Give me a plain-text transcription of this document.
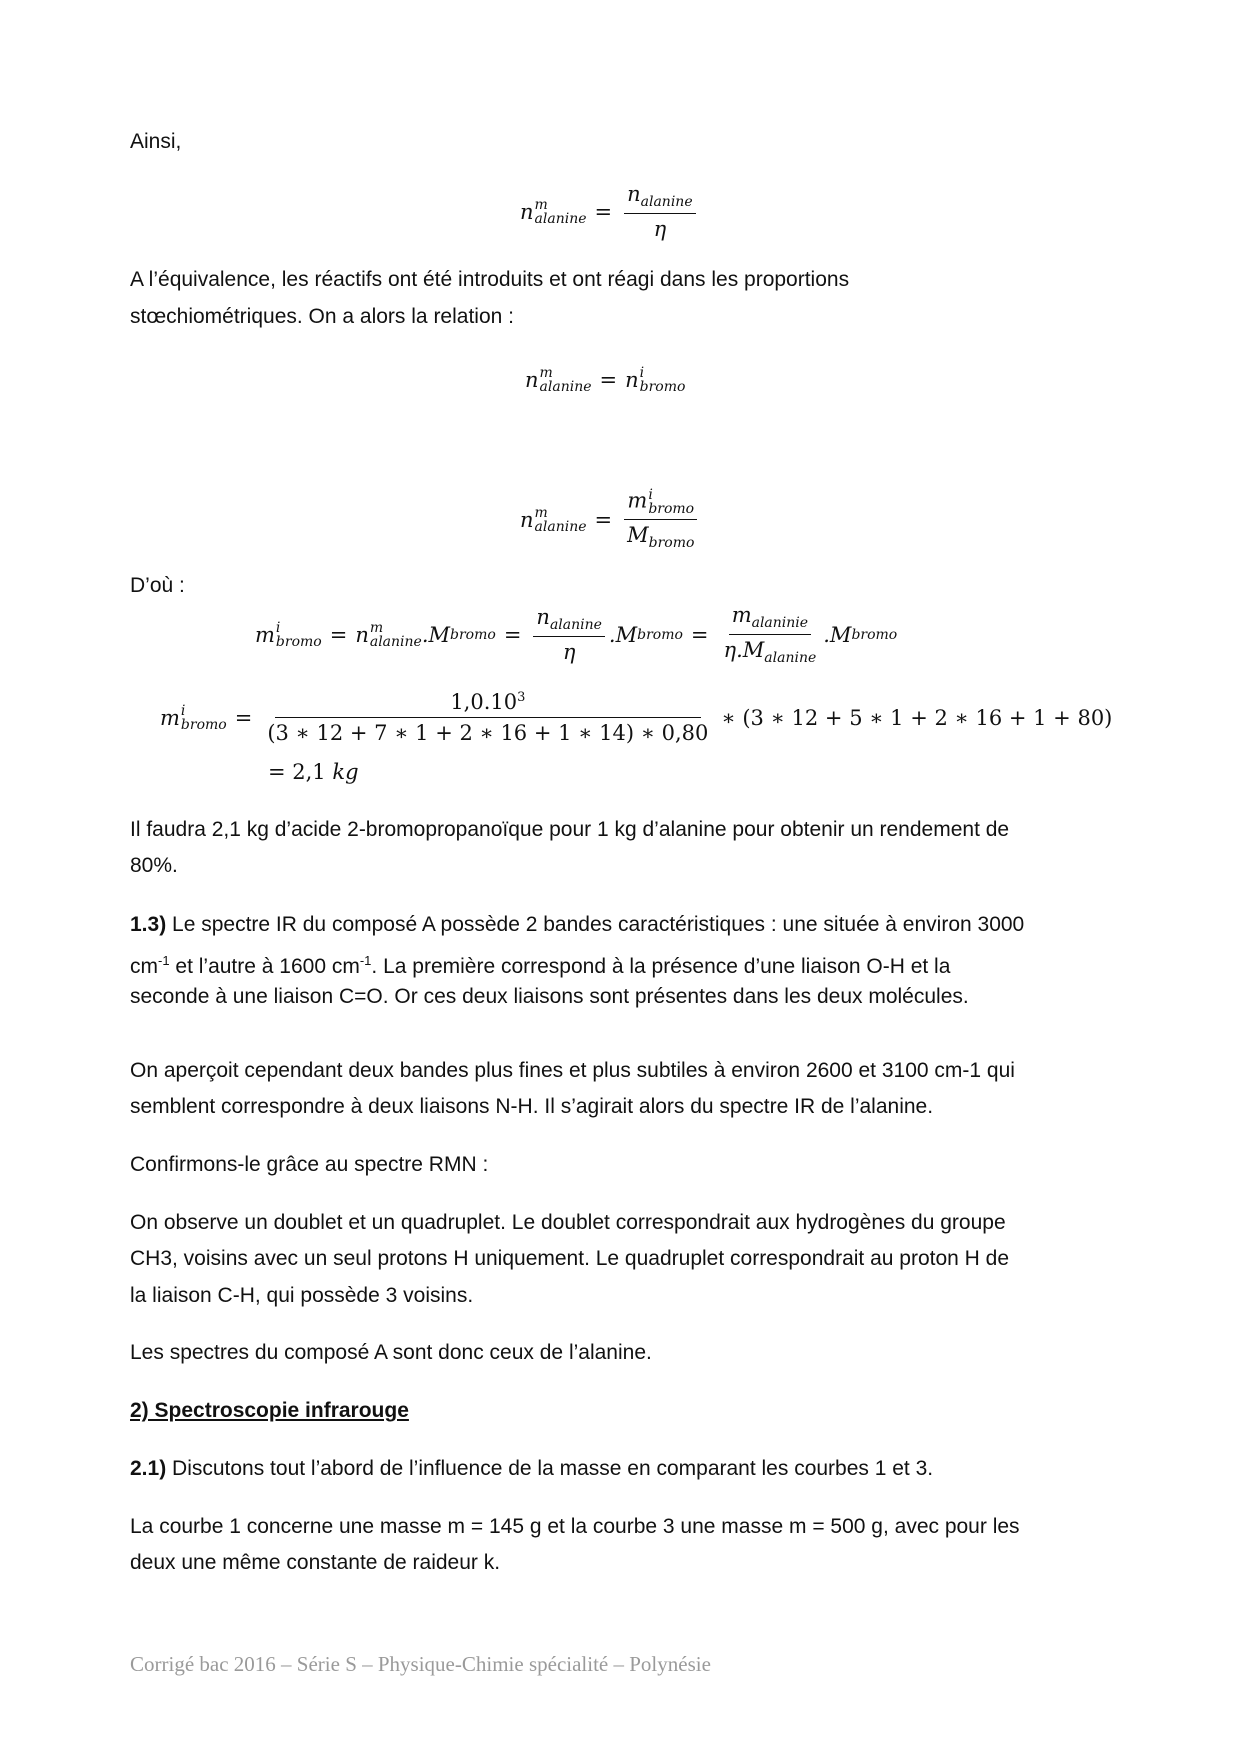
Ainsi,
n m
alanine = $\frac{n_{alanine}}{\eta}$
A l’équivalence, les réactifs ont été introduits et ont réagi dans les proportions
stœchiométriques. On a alors la relation :
n m
alanine = n i
bromo
n m
alanine = m i
bromo
$M_{bromo}$
D’où :
m i
bromo = n m
alanine .M bromo = $\frac{n_{alanine}}{\eta} .M$ bromo = $\frac{m_{alaninie}}{\eta.M_{alanine}} .M$ bromo
m i
bromo = $\frac{1,0.10^3}{(3 ∗ 12 + 7 ∗ 1 + 2 ∗ 16 + 1 ∗ 14) ∗ 0,80}$ ∗ (3 ∗ 12 + 5 ∗ 1 + 2 ∗ 16 + 1 + 80)
= 2,1 kg
Il faudra 2,1 kg d’acide 2-bromopropanoïque pour 1 kg d’alanine pour obtenir un rendement de
80%.
1.3) Le spectre IR du composé A possède 2 bandes caractéristiques : une située à environ 3000
$cm^{-1}$ et l’autre à 1600 $cm^{-1}$. La première correspond à la présence d’une liaison O-H et la
seconde à une liaison C=O. Or ces deux liaisons sont présentes dans les deux molécules.
On aperçoit cependant deux bandes plus fines et plus subtiles à environ 2600 et 3100 cm-1 qui
semblent correspondre à deux liaisons N-H. Il s’agirait alors du spectre IR de l’alanine.
Confirmons-le grâce au spectre RMN :
On observe un doublet et un quadruplet. Le doublet correspondrait aux hydrogènes du groupe
CH3, voisins avec un seul protons H uniquement. Le quadruplet correspondrait au proton H de
la liaison C-H, qui possède 3 voisins.
Les spectres du composé A sont donc ceux de l’alanine.
2) Spectroscopie infrarouge
2.1) Discutons tout l’abord de l’influence de la masse en comparant les courbes 1 et 3.
La courbe 1 concerne une masse m = 145 g et la courbe 3 une masse m = 500 g, avec pour les
deux une même constante de raideur k.
Corrigé bac 2016 – Série S – Physique-Chimie spécialité – Polynésie
